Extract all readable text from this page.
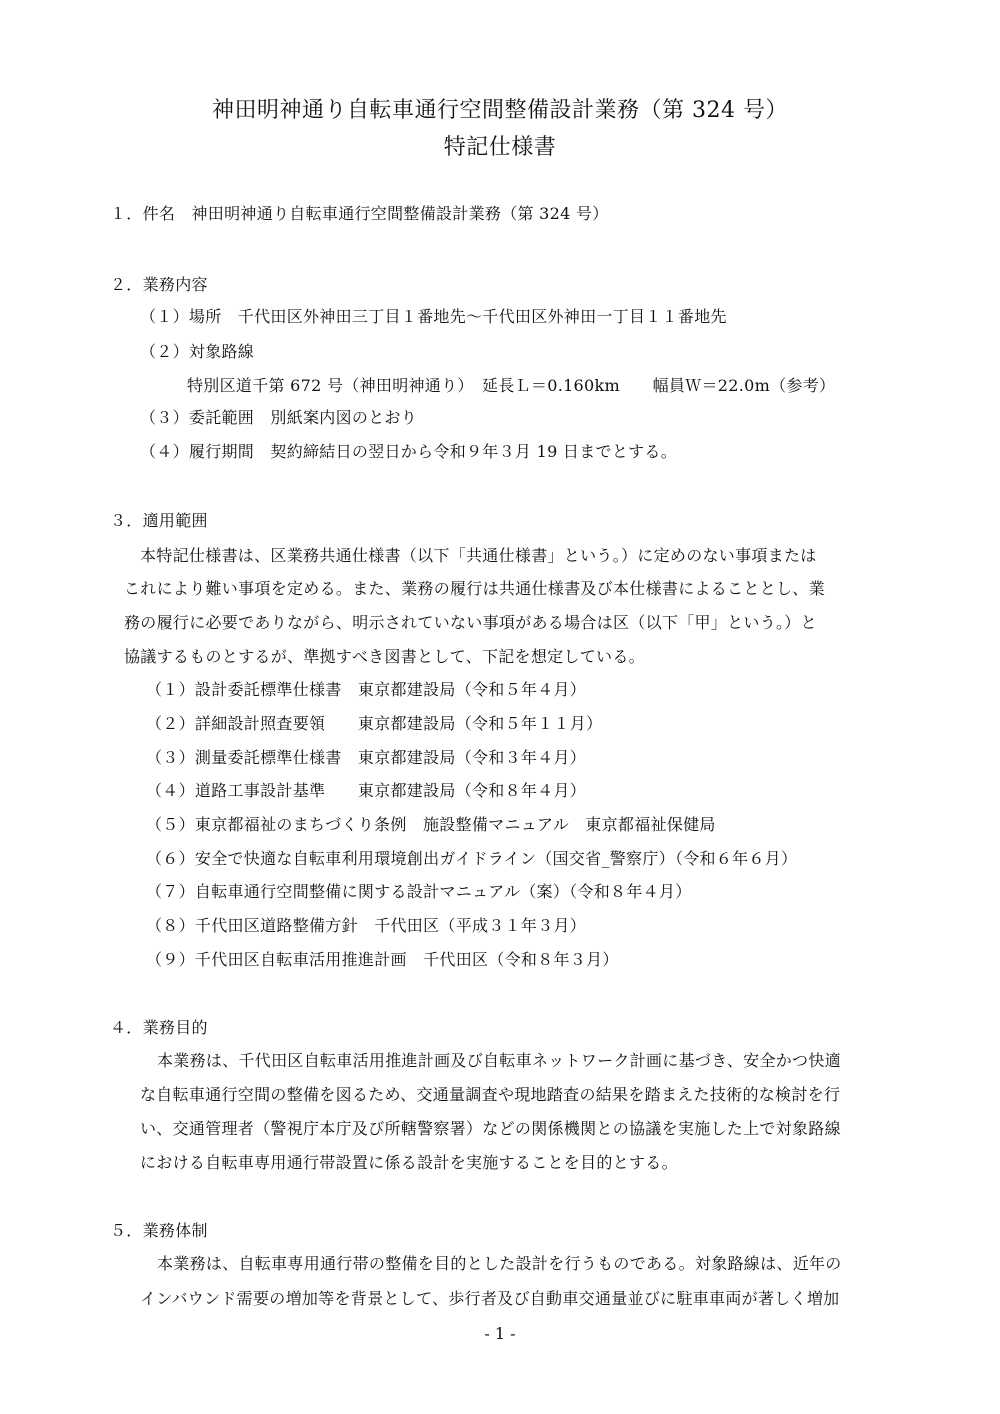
神田明神通り自転車通行空間整備設計業務（第 324 号）
特記仕様書
１．件名　神田明神通り自転車通行空間整備設計業務（第 324 号）
２．業務内容
（１）場所　千代田区外神田三丁目１番地先～千代田区外神田一丁目１１番地先
（２）対象路線
特別区道千第 672 号（神田明神通り）　延長Ｌ＝0.160km　　幅員Ｗ＝22.0m（参考）
（３）委託範囲　別紙案内図のとおり
（４）履行期間　契約締結日の翌日から令和９年３月 19 日までとする。
３．適用範囲
本特記仕様書は、区業務共通仕様書（以下「共通仕様書」という。）に定めのない事項または
これにより難い事項を定める。また、業務の履行は共通仕様書及び本仕様書によることとし、業
務の履行に必要でありながら、明示されていない事項がある場合は区（以下「甲」という。）と
協議するものとするが、準拠すべき図書として、下記を想定している。
（１）設計委託標準仕様書　東京都建設局（令和５年４月）
（２）詳細設計照査要領　　東京都建設局（令和５年１１月）
（３）測量委託標準仕様書　東京都建設局（令和３年４月）
（４）道路工事設計基準　　東京都建設局（令和８年４月）
（５）東京都福祉のまちづくり条例　施設整備マニュアル　東京都福祉保健局
（６）安全で快適な自転車利用環境創出ガイドライン（国交省_警察庁）（令和６年６月）
（７）自転車通行空間整備に関する設計マニュアル（案）（令和８年４月）
（８）千代田区道路整備方針　千代田区（平成３１年３月）
（９）千代田区自転車活用推進計画　千代田区（令和８年３月）
４．業務目的
本業務は、千代田区自転車活用推進計画及び自転車ネットワーク計画に基づき、安全かつ快適
な自転車通行空間の整備を図るため、交通量調査や現地踏査の結果を踏まえた技術的な検討を行
い、交通管理者（警視庁本庁及び所轄警察署）などの関係機関との協議を実施した上で対象路線
における自転車専用通行帯設置に係る設計を実施することを目的とする。
５．業務体制
本業務は、自転車専用通行帯の整備を目的とした設計を行うものである。対象路線は、近年の
インバウンド需要の増加等を背景として、歩行者及び自動車交通量並びに駐車車両が著しく増加
- 1 -
